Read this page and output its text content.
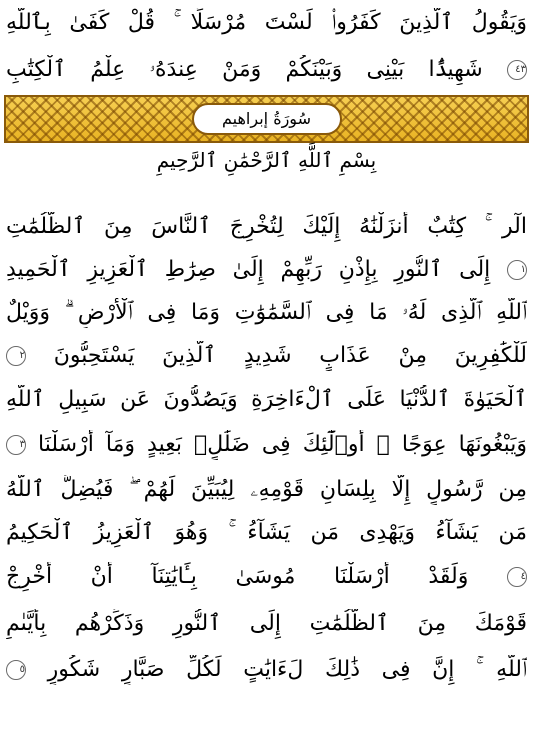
وَيَقُولُ ٱلَّذِينَ كَفَرُوا۟ لَسْتَ مُرْسَلًا ۚ قُلْ كَفَىٰ بِٱللَّهِ
٤٣ شَهِيدًۢا بَيْنِى وَبَيْنَكُمْ وَمَنْ عِندَهُۥ عِلْمُ ٱلْكِتَٰبِ
سُورَةُ إبراهيم
بِسْمِ ٱللَّهِ ٱلرَّحْمَٰنِ ٱلرَّحِيمِ
الٓر ۚ كِتَٰبٌ أَنزَلْنَٰهُ إِلَيْكَ لِتُخْرِجَ ٱلنَّاسَ مِنَ ٱلظُّلُمَٰتِ
١ إِلَى ٱلنُّورِ بِإِذْنِ رَبِّهِمْ إِلَىٰ صِرَٰطِ ٱلْعَزِيزِ ٱلْحَمِيدِ
ٱللَّهِ ٱلَّذِى لَهُۥ مَا فِى ٱلسَّمَٰوَٰتِ وَمَا فِى ٱلْأَرْضِ ۗ وَوَيْلٌ
لِّلْكَٰفِرِينَ مِنْ عَذَابٍ شَدِيدٍ ٱلَّذِينَ يَسْتَحِبُّونَ ٢
ٱلْحَيَوٰةَ ٱلدُّنْيَا عَلَى ٱلْءَاخِرَةِ وَيَصُدُّونَ عَن سَبِيلِ ٱللَّهِ
وَيَبْغُونَهَا عِوَجًا ۚ أُو۟لَٰٓئِكَ فِى ضَلَٰلٍۭ بَعِيدٍ وَمَآ أَرْسَلْنَا ٣
مِن رَّسُولٍ إِلَّا بِلِسَانِ قَوْمِهِۦ لِيُبَيِّنَ لَهُمْ ۖ فَيُضِلُّ ٱللَّهُ
مَن يَشَآءُ وَيَهْدِى مَن يَشَآءُ ۚ وَهُوَ ٱلْعَزِيزُ ٱلْحَكِيمُ
٤ وَلَقَدْ أَرْسَلْنَا مُوسَىٰ بِـَٔايَٰتِنَآ أَنْ أَخْرِجْ
قَوْمَكَ مِنَ ٱلظُّلُمَٰتِ إِلَى ٱلنُّورِ وَذَكِّرْهُم بِأَيَّىٰمِ
ٱللَّهِ ۚ إِنَّ فِى ذَٰلِكَ لَءَايَٰتٍ لِّكُلِّ صَبَّارٍ شَكُورٍ ٥
